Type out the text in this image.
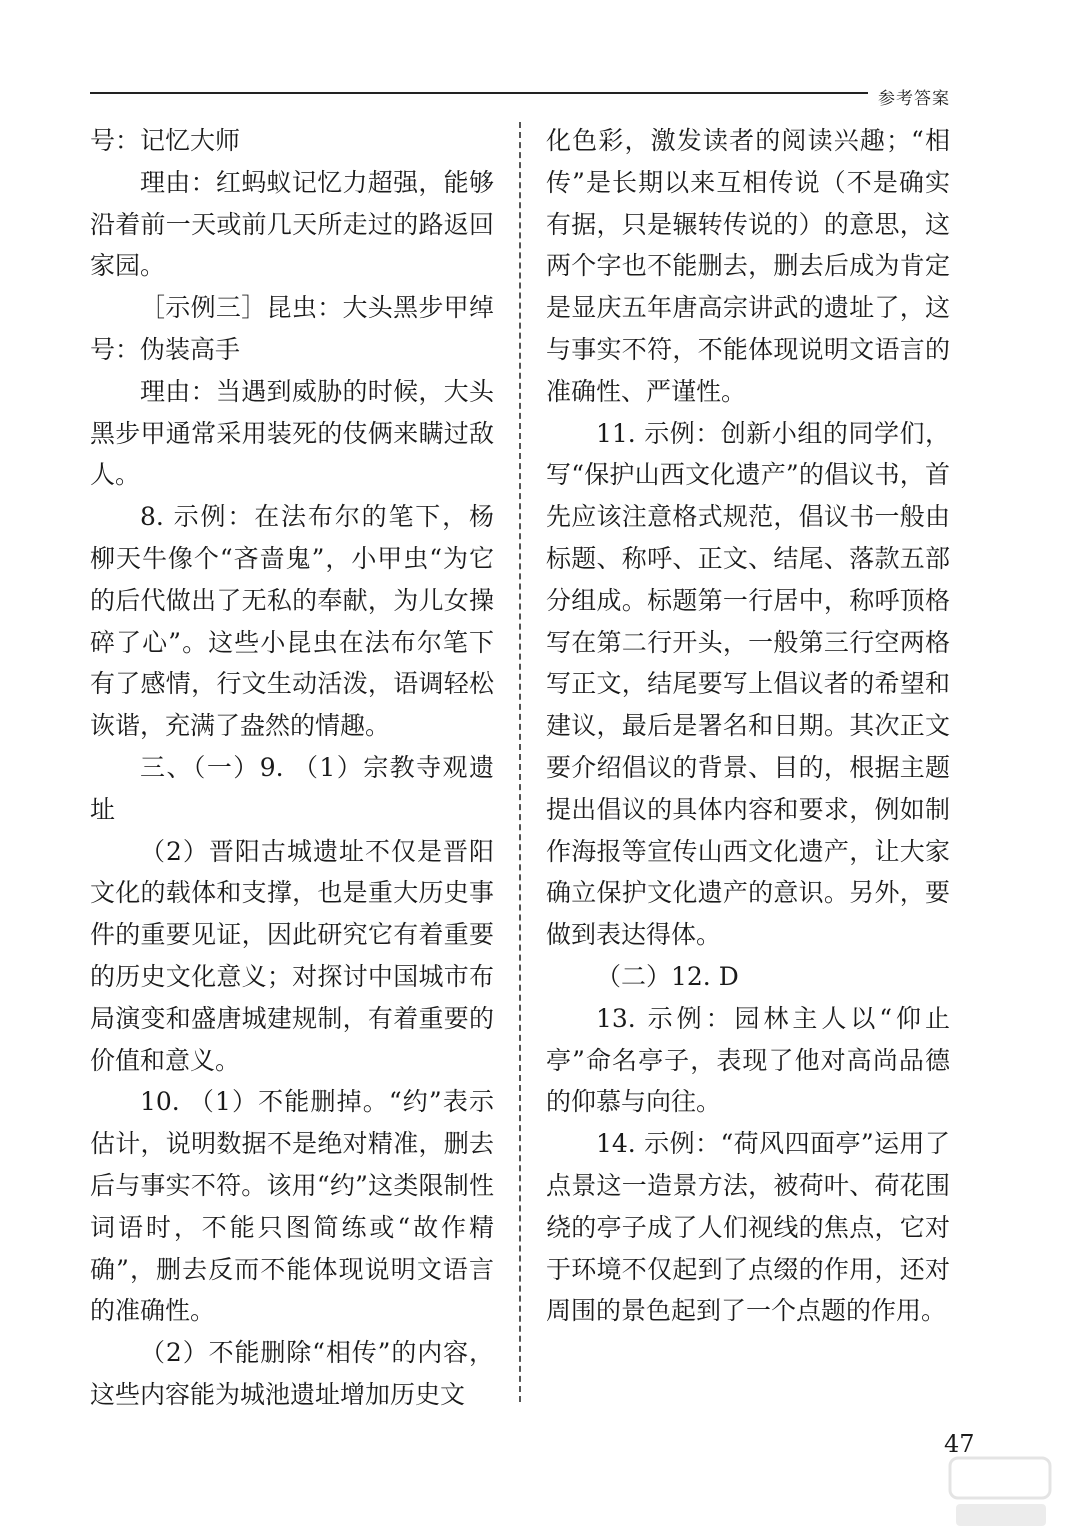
参考答案

号：记忆大师

理由：红蚂蚁记忆力超强，能够沿着前一天或前几天所走过的路返回家园。

［示例三］昆虫：大头黑步甲绰号：伪装高手

理由：当遇到威胁的时候，大头黑步甲通常采用装死的伎俩来瞒过敌人。

8. 示例：在法布尔的笔下，杨柳天牛像个“吝啬鬼”，小甲虫“为它的后代做出了无私的奉献，为儿女操碎了心”。这些小昆虫在法布尔笔下有了感情，行文生动活泼，语调轻松诙谐，充满了盎然的情趣。

三、（一）9. （1）宗教寺观遗址

（2）晋阳古城遗址不仅是晋阳文化的载体和支撑，也是重大历史事件的重要见证，因此研究它有着重要的历史文化意义；对探讨中国城市布局演变和盛唐城建规制，有着重要的价值和意义。

10. （1）不能删掉。“约”表示估计，说明数据不是绝对精准，删去后与事实不符。该用“约”这类限制性词语时，不能只图简练或“故作精确”，删去反而不能体现说明文语言的准确性。

（2）不能删除“相传”的内容，这些内容能为城池遗址增加历史文

化色彩，激发读者的阅读兴趣；“相传”是长期以来互相传说（不是确实有据，只是辗转传说的）的意思，这两个字也不能删去，删去后成为肯定是显庆五年唐高宗讲武的遗址了，这与事实不符，不能体现说明文语言的准确性、严谨性。

11. 示例：创新小组的同学们，写“保护山西文化遗产”的倡议书，首先应该注意格式规范，倡议书一般由标题、称呼、正文、结尾、落款五部分组成。标题第一行居中，称呼顶格写在第二行开头，一般第三行空两格写正文，结尾要写上倡议者的希望和建议，最后是署名和日期。其次正文要介绍倡议的背景、目的，根据主题提出倡议的具体内容和要求，例如制作海报等宣传山西文化遗产，让大家确立保护文化遗产的意识。另外，要做到表达得体。

（二）12. D

13. 示例：园林主人以“仰止亭”命名亭子，表现了他对高尚品德的仰慕与向往。

14. 示例：“荷风四面亭”运用了点景这一造景方法，被荷叶、荷花围绕的亭子成了人们视线的焦点，它对于环境不仅起到了点缀的作用，还对周围的景色起到了一个点题的作用。

47
